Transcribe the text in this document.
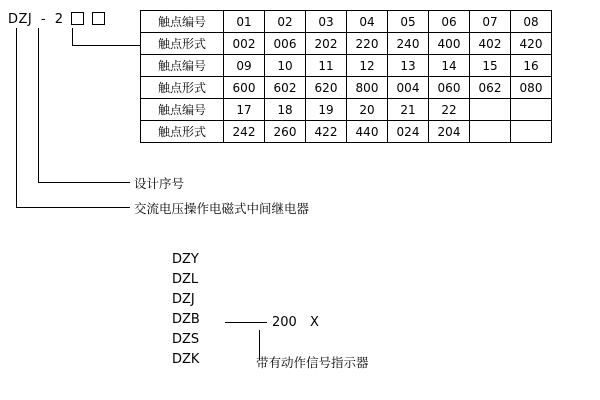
DZJ - 2
设计序号
交流电压操作电磁式中间继电器
触点编号	01	02	03	04	05	06	07	08
触点形式	002	006	202	220	240	400	402	420
触点编号	09	10	11	12	13	14	15	16
触点形式	600	602	620	800	004	060	062	080
触点编号	17	18	19	20	21	22		
触点形式	242	260	422	440	024	204		
DZY
DZL
DZJ
DZB
DZS
DZK
200 X
带有动作信号指示器
